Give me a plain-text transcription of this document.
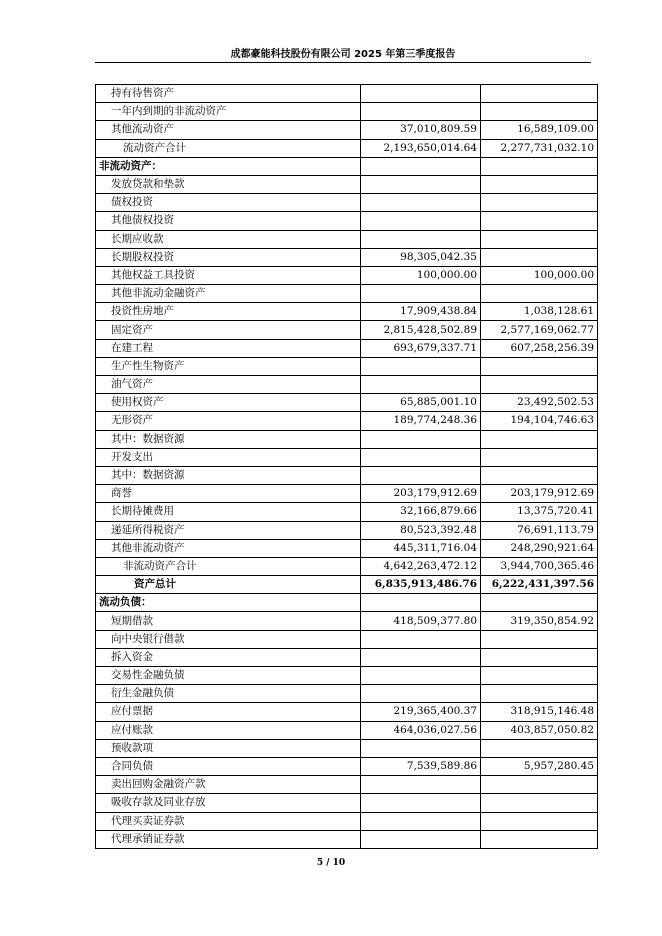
成都豪能科技股份有限公司 2025 年第三季度报告
持有待售资产		
一年内到期的非流动资产		
其他流动资产	37,010,809.59	16,589,109.00
流动资产合计	2,193,650,014.64	2,277,731,032.10
非流动资产：		
发放贷款和垫款		
债权投资		
其他债权投资		
长期应收款		
长期股权投资	98,305,042.35	
其他权益工具投资	100,000.00	100,000.00
其他非流动金融资产		
投资性房地产	17,909,438.84	1,038,128.61
固定资产	2,815,428,502.89	2,577,169,062.77
在建工程	693,679,337.71	607,258,256.39
生产性生物资产		
油气资产		
使用权资产	65,885,001.10	23,492,502.53
无形资产	189,774,248.36	194,104,746.63
其中：数据资源		
开发支出		
其中：数据资源		
商誉	203,179,912.69	203,179,912.69
长期待摊费用	32,166,879.66	13,375,720.41
递延所得税资产	80,523,392.48	76,691,113.79
其他非流动资产	445,311,716.04	248,290,921.64
非流动资产合计	4,642,263,472.12	3,944,700,365.46
资产总计	6,835,913,486.76	6,222,431,397.56
流动负债：		
短期借款	418,509,377.80	319,350,854.92
向中央银行借款		
拆入资金		
交易性金融负债		
衍生金融负债		
应付票据	219,365,400.37	318,915,146.48
应付账款	464,036,027.56	403,857,050.82
预收款项		
合同负债	7,539,589.86	5,957,280.45
卖出回购金融资产款		
吸收存款及同业存放		
代理买卖证券款		
代理承销证券款		
5 / 10
